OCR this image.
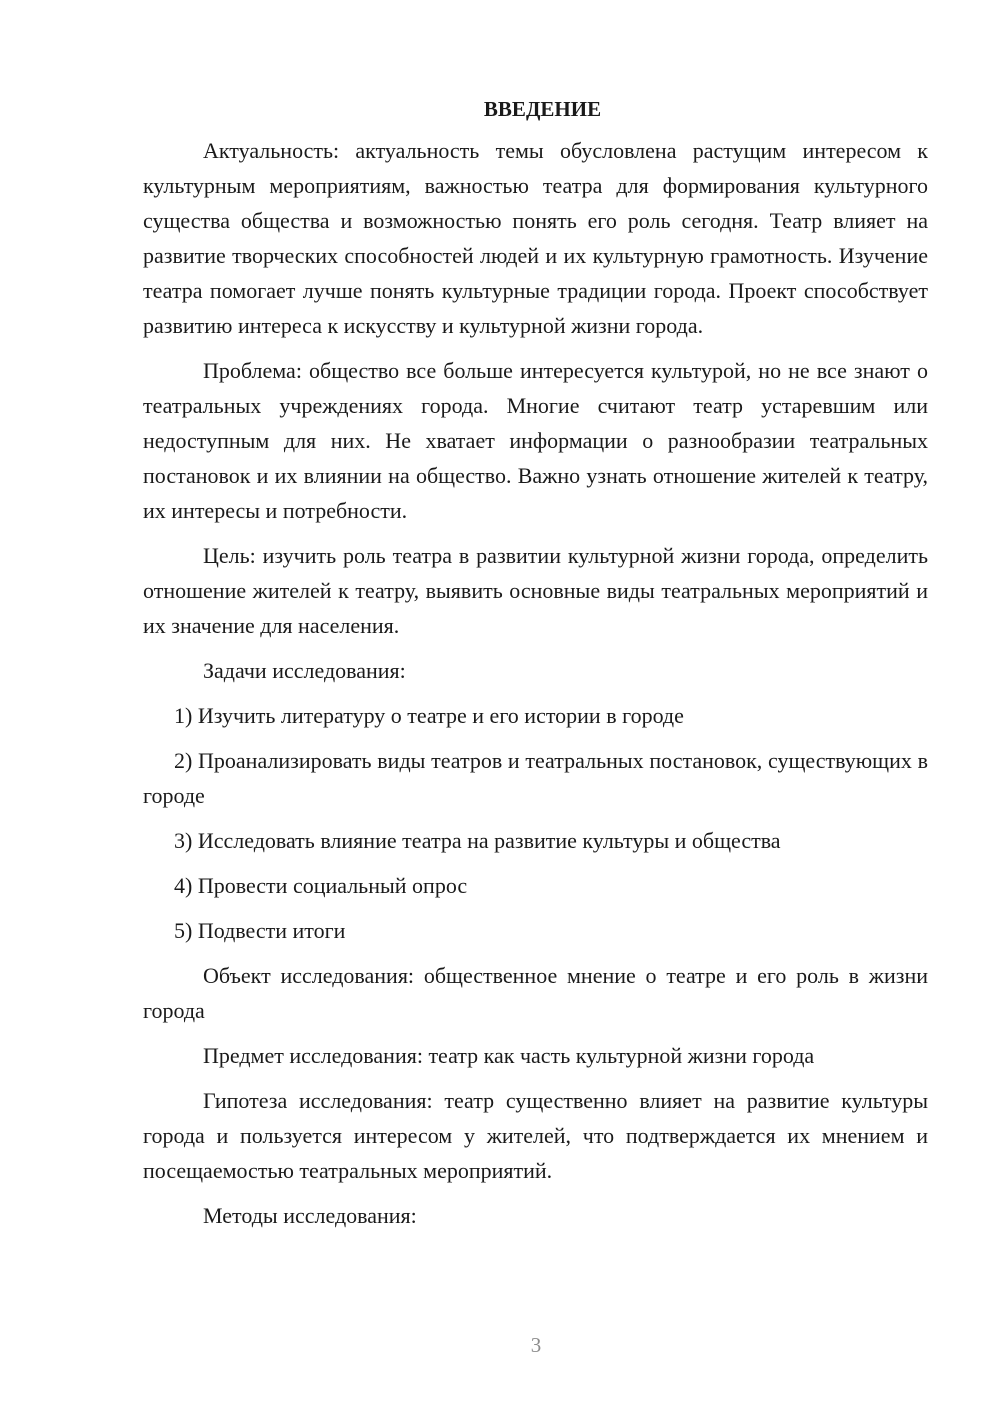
ВВЕДЕНИЕ

Актуальность: актуальность темы обусловлена растущим интересом к культурным мероприятиям, важностью театра для формирования культурного существа общества и возможностью понять его роль сегодня. Театр влияет на развитие творческих способностей людей и их культурную грамотность. Изучение театра помогает лучше понять культурные традиции города. Проект способствует развитию интереса к искусству и культурной жизни города.

Проблема: общество все больше интересуется культурой, но не все знают о театральных учреждениях города. Многие считают театр устаревшим или недоступным для них. Не хватает информации о разнообразии театральных постановок и их влиянии на общество. Важно узнать отношение жителей к театру, их интересы и потребности.

Цель: изучить роль театра в развитии культурной жизни города, определить отношение жителей к театру, выявить основные виды театральных мероприятий и их значение для населения.

Задачи исследования:

1) Изучить литературу о театре и его истории в городе

2) Проанализировать виды театров и театральных постановок, существующих в городе

3) Исследовать влияние театра на развитие культуры и общества

4) Провести социальный опрос

5) Подвести итоги

Объект исследования: общественное мнение о театре и его роль в жизни города

Предмет исследования: театр как часть культурной жизни города

Гипотеза исследования: театр существенно влияет на развитие культуры города и пользуется интересом у жителей, что подтверждается их мнением и посещаемостью театральных мероприятий.

Методы исследования:

3
